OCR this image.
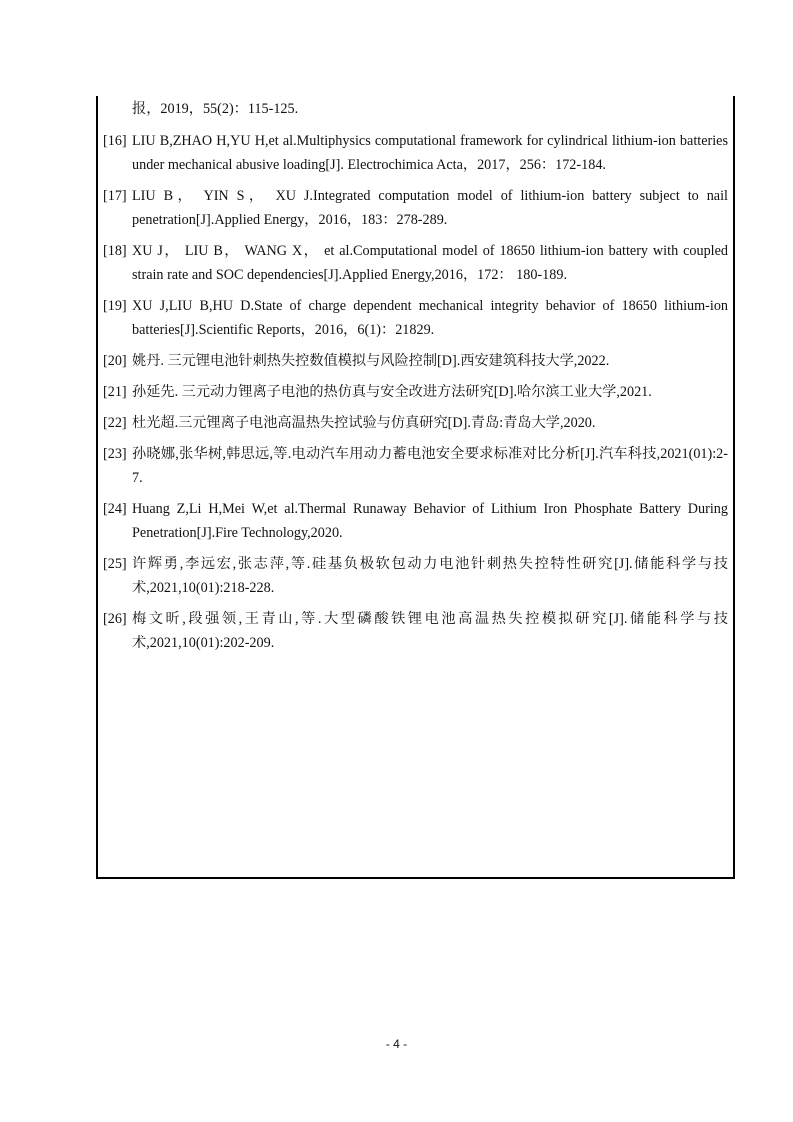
报，2019，55(2)：115-125.
[16] LIU B,ZHAO H,YU H,et al.Multiphysics computational framework for cylindrical lithium-ion batteries under mechanical abusive loading[J]. Electrochimica Acta，2017，256：172-184.
[17] LIU B， YIN S， XU J.Integrated computation model of lithium-ion battery subject to nail penetration[J].Applied Energy，2016，183：278-289.
[18] XU J， LIU B， WANG X， et al.Computational model of 18650 lithium-ion battery with coupled strain rate and SOC dependencies[J].Applied Energy,2016，172： 180-189.
[19] XU J,LIU B,HU D.State of charge dependent mechanical integrity behavior of 18650 lithium-ion batteries[J].Scientific Reports，2016，6(1)：21829.
[20] 姚丹. 三元锂电池针刺热失控数值模拟与风险控制[D].西安建筑科技大学,2022.
[21] 孙延先. 三元动力锂离子电池的热仿真与安全改进方法研究[D].哈尔滨工业大学,2021.
[22] 杜光超.三元锂离子电池高温热失控试验与仿真研究[D].青岛:青岛大学,2020.
[23] 孙晓娜,张华树,韩思远,等.电动汽车用动力蓄电池安全要求标准对比分析[J].汽车科技,2021(01):2-7.
[24] Huang Z,Li H,Mei W,et al.Thermal Runaway Behavior of Lithium Iron Phosphate Battery During Penetration[J].Fire Technology,2020.
[25] 许辉勇,李远宏,张志萍,等.硅基负极软包动力电池针刺热失控特性研究[J].储能科学与技术,2021,10(01):218-228.
[26] 梅文昕,段强领,王青山,等.大型磷酸铁锂电池高温热失控模拟研究[J].储能科学与技术,2021,10(01):202-209.
- 4 -
